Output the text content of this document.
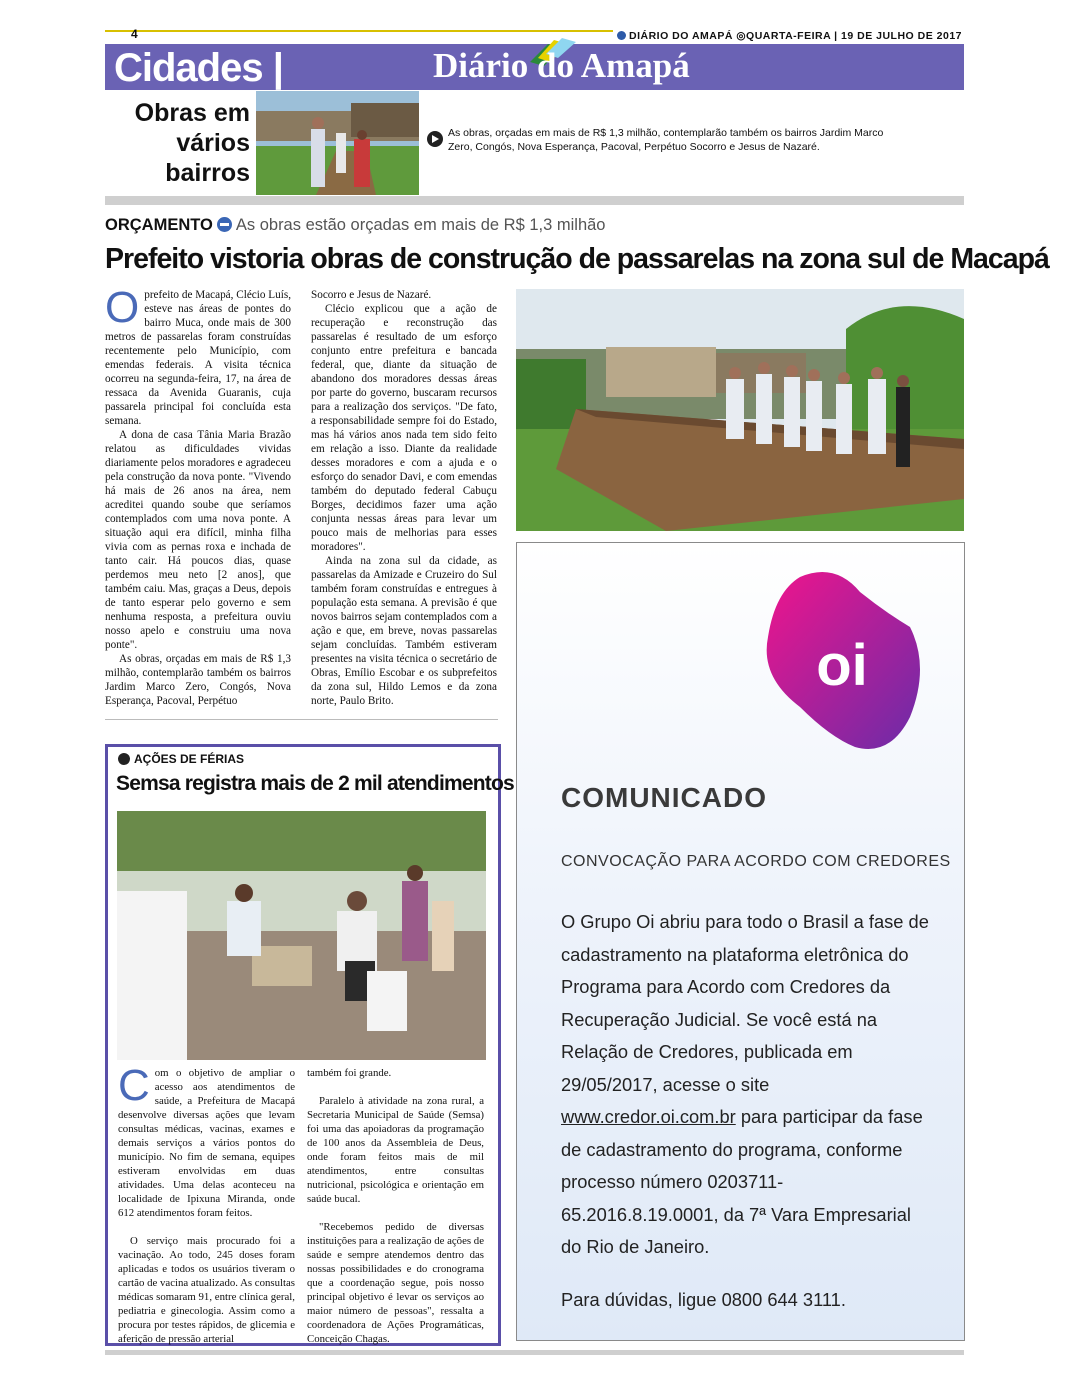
4	DIÁRIO DO AMAPÁ ◎QUARTA-FEIRA | 19 DE JULHO DE 2017
Cidades |	Diário do Amapá
Obras em vários bairros
As obras, orçadas em mais de R$ 1,3 milhão, contemplarão também os bairros Jardim Marco Zero, Congós, Nova Esperança, Pacoval, Perpétuo Socorro e Jesus de Nazaré.
ORÇAMENTO As obras estão orçadas em mais de R$ 1,3 milhão
Prefeito vistoria obras de construção de passarelas na zona sul de Macapá

Oprefeito de Macapá, Clécio Luís, esteve nas áreas de pontes do bairro Muca, onde mais de 300 metros de passarelas foram construídas recentemente pelo Município, com emendas federais. A visita técnica ocorreu na segunda-feira, 17, na área de ressaca da Avenida Guaranis, cuja passarela principal foi concluída esta semana.

A dona de casa Tânia Maria Brazão relatou as dificuldades vividas diariamente pelos moradores e agradeceu pela construção da nova ponte. "Vivendo há mais de 26 anos na área, nem acreditei quando soube que seríamos contemplados com uma nova ponte. A situação aqui era difícil, minha filha vivia com as pernas roxa e inchada de tanto cair. Há poucos dias, quase perdemos meu neto [2 anos], que também caiu. Mas, graças a Deus, depois de tanto esperar pelo governo e sem nenhuma resposta, a prefeitura ouviu nosso apelo e construiu uma nova ponte".

As obras, orçadas em mais de R$ 1,3 milhão, contemplarão também os bairros Jardim Marco Zero, Congós, Nova Esperança, Pacoval, Perpétuo

Socorro e Jesus de Nazaré.

Clécio explicou que a ação de recuperação e reconstrução das passarelas é resultado de um esforço conjunto entre prefeitura e bancada federal, que, diante da situação de abandono dos moradores dessas áreas por parte do governo, buscaram recursos para a realização dos serviços. "De fato, a responsabilidade sempre foi do Estado, mas há vários anos nada tem sido feito em relação a isso. Diante da realidade desses moradores e com a ajuda e o esforço do senador Davi, e com emendas também do deputado federal Cabuçu Borges, decidimos fazer uma ação conjunta nessas áreas para levar um pouco mais de melhorias para esses moradores".

Ainda na zona sul da cidade, as passarelas da Amizade e Cruzeiro do Sul também foram construídas e entregues à população esta semana. A previsão é que novos bairros sejam contemplados com a ação e que, em breve, novas passarelas sejam concluídas. Também estiveram presentes na visita técnica o secretário de Obras, Emílio Escobar e os subprefeitos da zona sul, Hildo Lemos e da zona norte, Paulo Brito.

AÇÕES DE FÉRIAS
Semsa registra mais de 2 mil atendimentos

Com o objetivo de ampliar o acesso aos atendimentos de saúde, a Prefeitura de Macapá desenvolve diversas ações que levam consultas médicas, vacinas, exames e demais serviços a vários pontos do município. No fim de semana, equipes estiveram envolvidas em duas atividades. Uma delas aconteceu na localidade de Ipixuna Miranda, onde 612 atendimentos foram feitos.

O serviço mais procurado foi a vacinação. Ao todo, 245 doses foram aplicadas e todos os usuários tiveram o cartão de vacina atualizado. As consultas médicas somaram 91, entre clínica geral, pediatria e ginecologia. Assim como a procura por testes rápidos, de glicemia e aferição de pressão arterial

também foi grande.

Paralelo à atividade na zona rural, a Secretaria Municipal de Saúde (Semsa) foi uma das apoiadoras da programação de 100 anos da Assembleia de Deus, onde foram feitos mais de mil atendimentos, entre consultas nutricional, psicológica e orientação em saúde bucal.

"Recebemos pedido de diversas instituições para a realização de ações de saúde e sempre atendemos dentro das nossas possibilidades e do cronograma que a coordenação segue, pois nosso principal objetivo é levar os serviços ao maior número de pessoas", ressalta a coordenadora de Ações Programáticas, Conceição Chagas.

oi
COMUNICADO
CONVOCAÇÃO PARA ACORDO COM CREDORES
O Grupo Oi abriu para todo o Brasil a fase de cadastramento na plataforma eletrônica do Programa para Acordo com Credores da Recuperação Judicial. Se você está na Relação de Credores, publicada em 29/05/2017, acesse o site www.credor.oi.com.br para participar da fase de cadastramento do programa, conforme processo número 0203711-65.2016.8.19.0001, da 7ª Vara Empresarial do Rio de Janeiro.
Para dúvidas, ligue 0800 644 3111.
